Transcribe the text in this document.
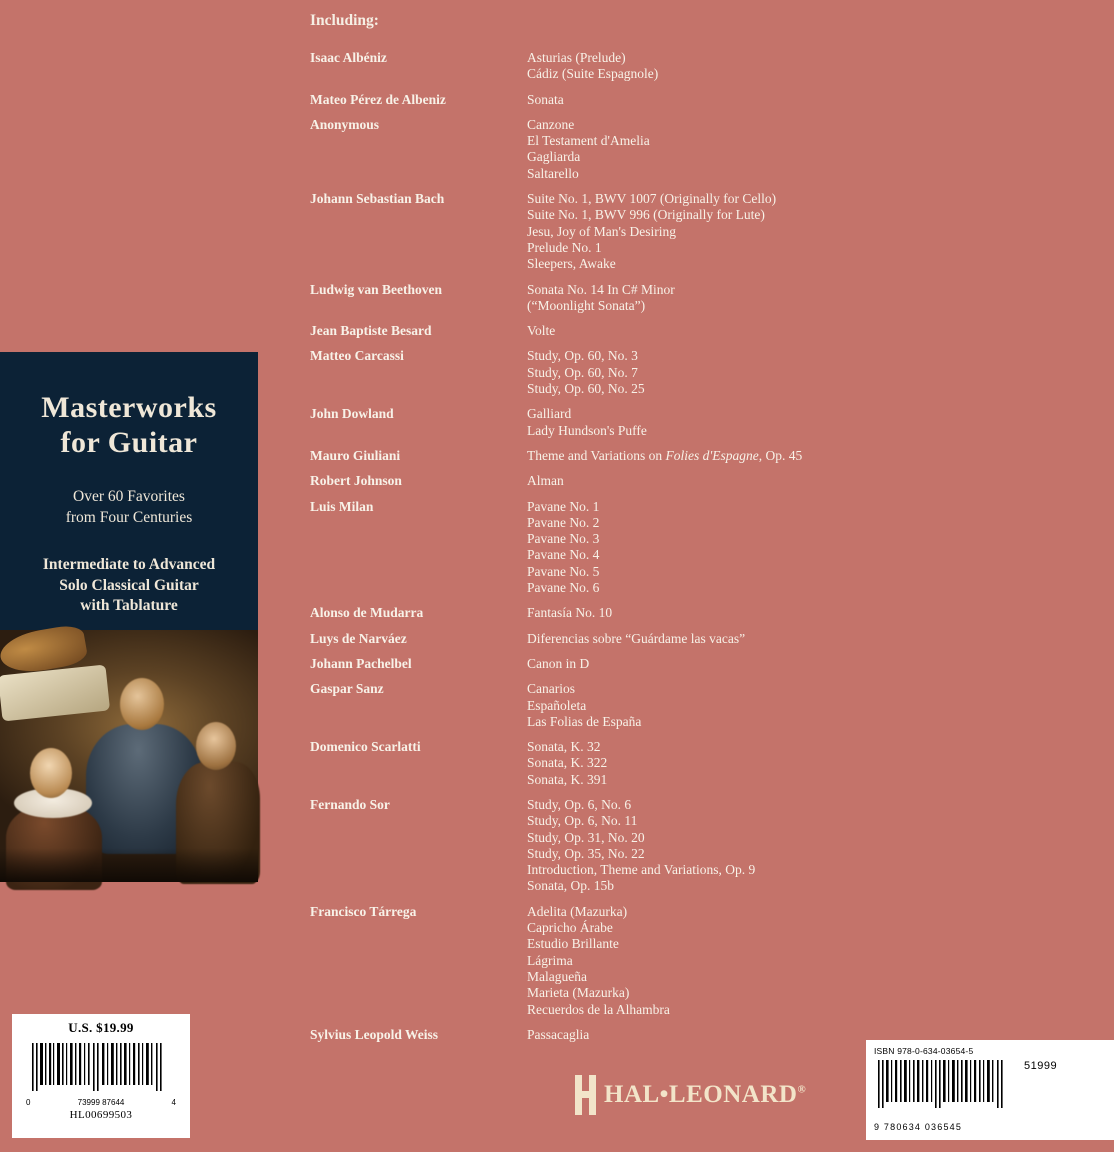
Masterworks
for Guitar
Over 60 Favorites
from Four Centuries
Intermediate to Advanced
Solo Classical Guitar
with Tablature
U.S. $19.99
0	73999 87644	4
HL00699503
Including:
Isaac Albéniz	Asturias (Prelude)
Cádiz (Suite Espagnole)
Mateo Pérez de Albeniz	Sonata
Anonymous	Canzone
El Testament d'Amelia
Gagliarda
Saltarello
Johann Sebastian Bach	Suite No. 1, BWV 1007 (Originally for Cello)
Suite No. 1, BWV 996 (Originally for Lute)
Jesu, Joy of Man's Desiring
Prelude No. 1
Sleepers, Awake
Ludwig van Beethoven	Sonata No. 14 In C# Minor
(“Moonlight Sonata”)
Jean Baptiste Besard	Volte
Matteo Carcassi	Study, Op. 60, No. 3
Study, Op. 60, No. 7
Study, Op. 60, No. 25
John Dowland	Galliard
Lady Hundson's Puffe
Mauro Giuliani	Theme and Variations on Folies d'Espagne, Op. 45
Robert Johnson	Alman
Luis Milan	Pavane No. 1
Pavane No. 2
Pavane No. 3
Pavane No. 4
Pavane No. 5
Pavane No. 6
Alonso de Mudarra	Fantasía No. 10
Luys de Narváez	Diferencias sobre “Guárdame las vacas”
Johann Pachelbel	Canon in D
Gaspar Sanz	Canarios
Españoleta
Las Folias de España
Domenico Scarlatti	Sonata, K. 32
Sonata, K. 322
Sonata, K. 391
Fernando Sor	Study, Op. 6, No. 6
Study, Op. 6, No. 11
Study, Op. 31, No. 20
Study, Op. 35, No. 22
Introduction, Theme and Variations, Op. 9
Sonata, Op. 15b
Francisco Tárrega	Adelita (Mazurka)
Capricho Árabe
Estudio Brillante
Lágrima
Malagueña
Marieta (Mazurka)
Recuerdos de la Alhambra
Sylvius Leopold Weiss	Passacaglia
HAL•LEONARD®
ISBN 978-0-634-03654-5
9 780634 036545
51999
